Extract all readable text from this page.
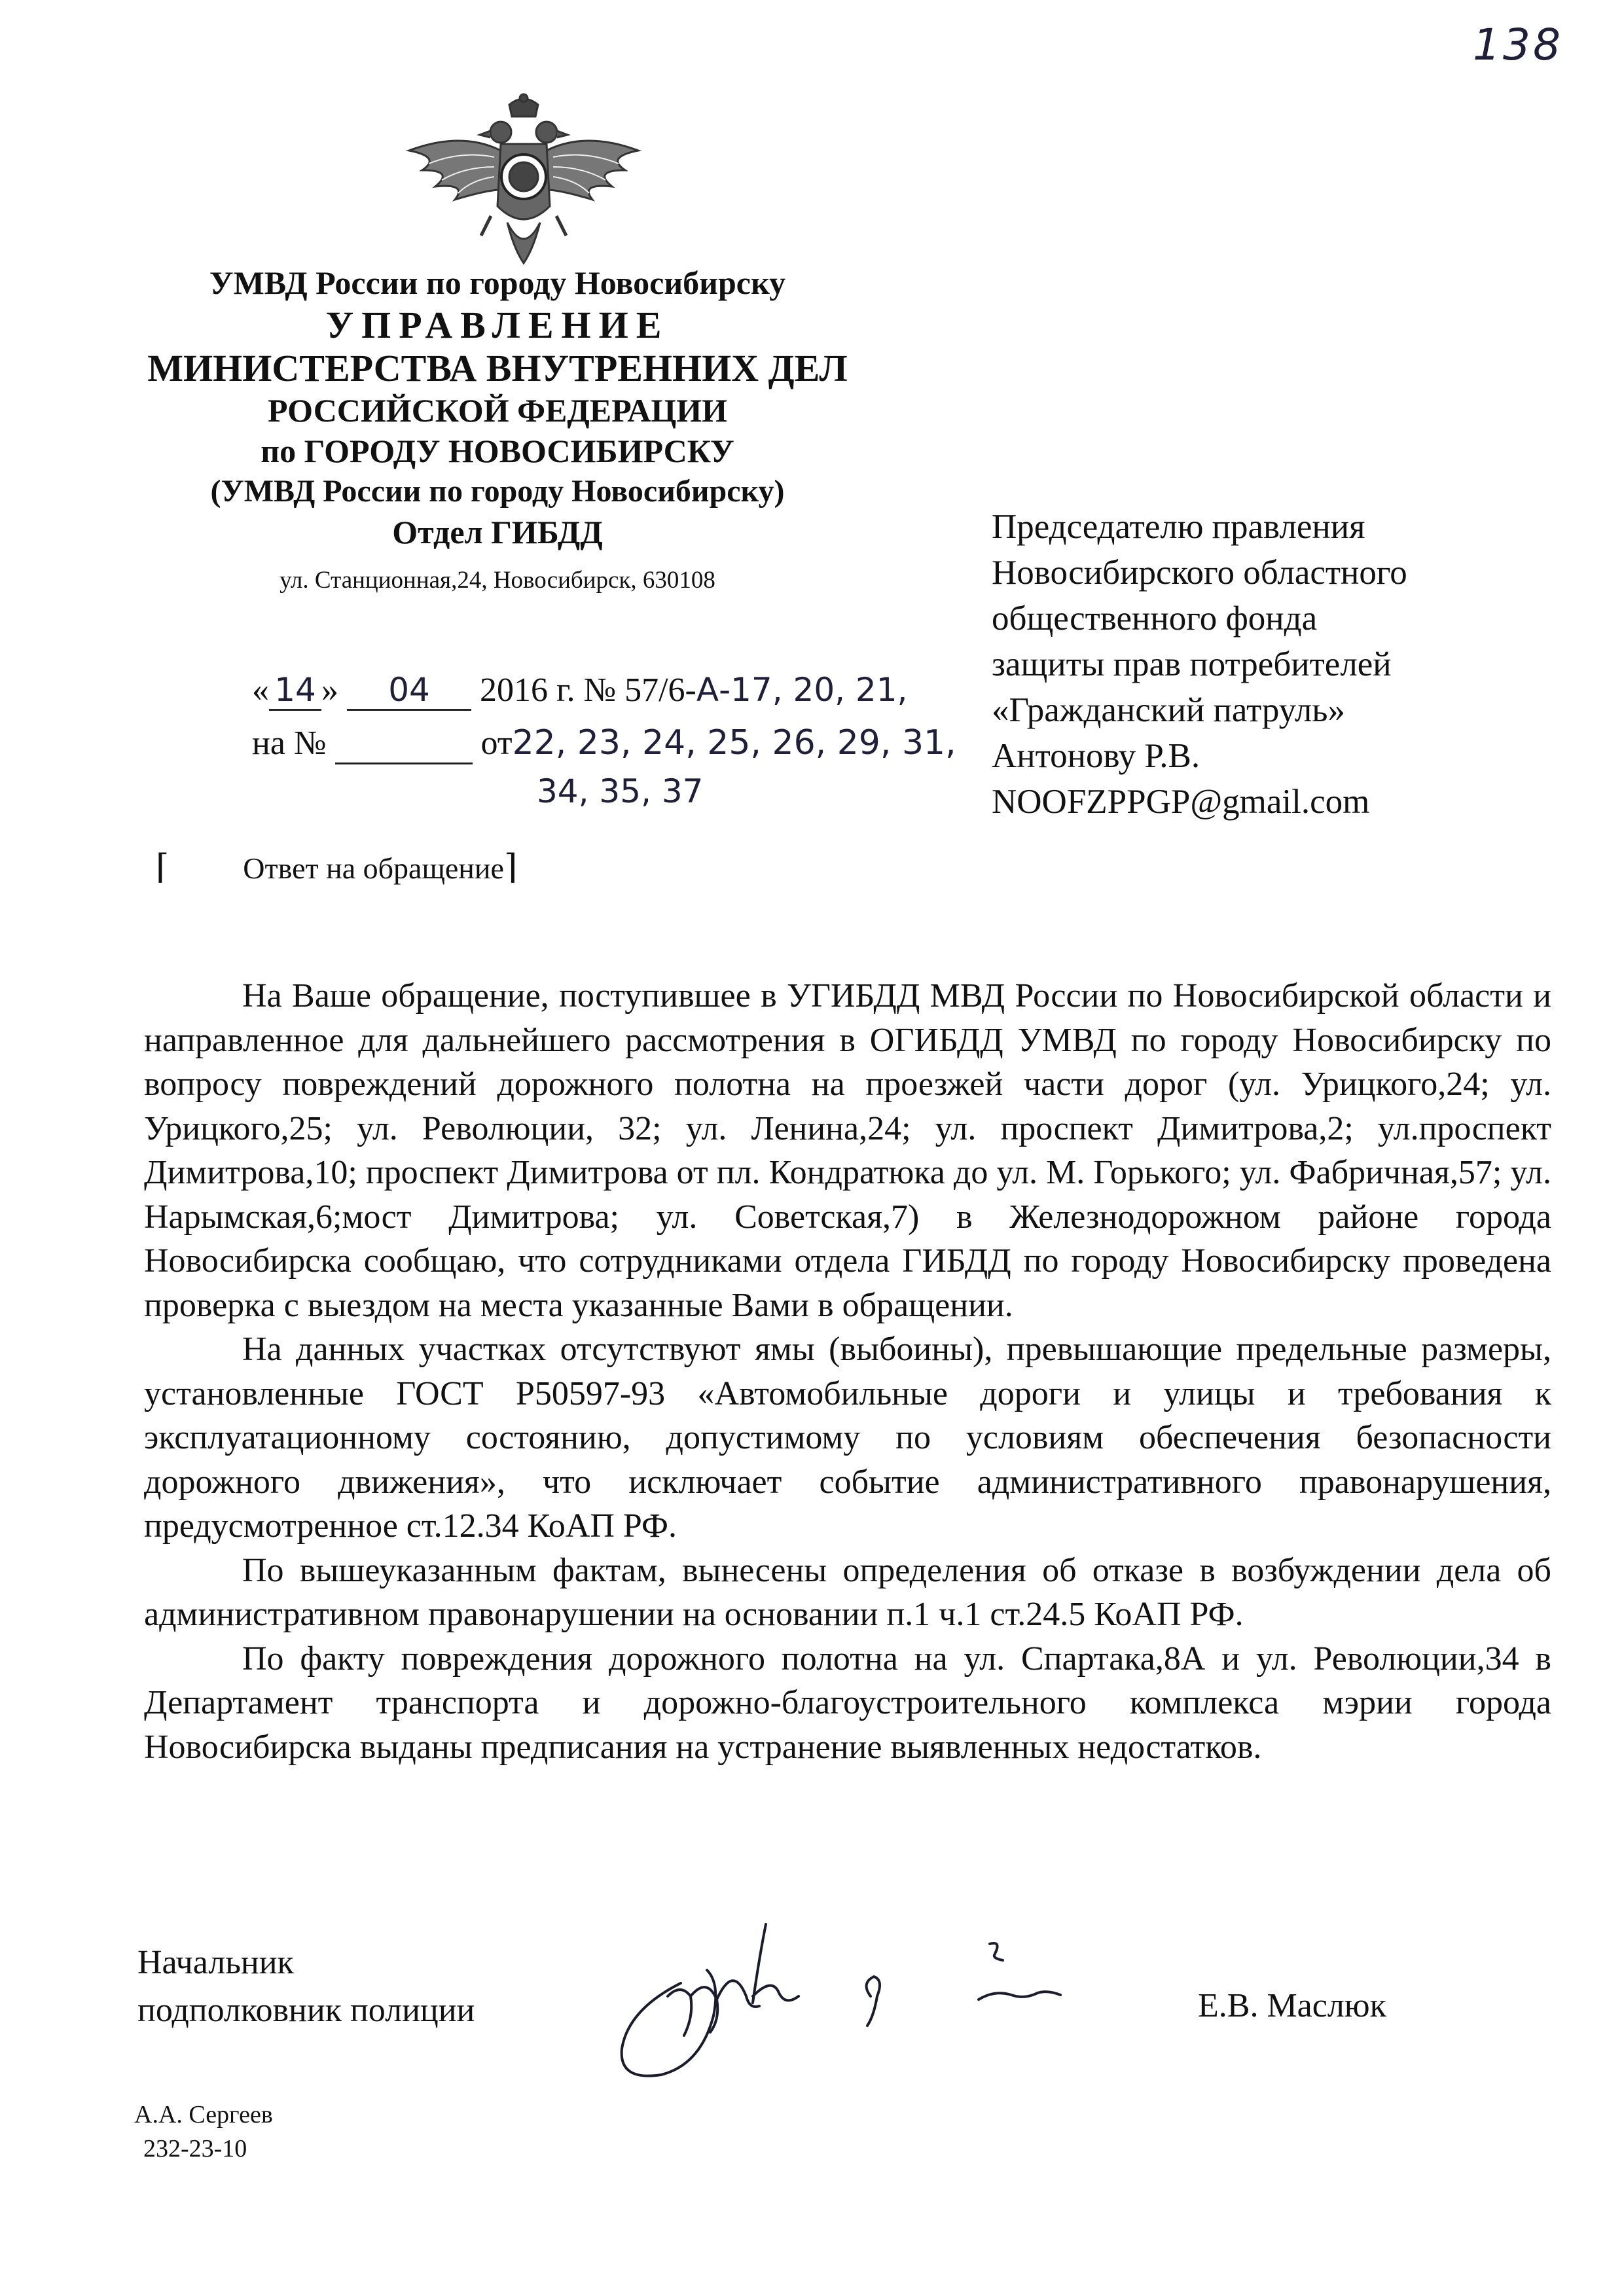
138
УМВД России по городу Новосибирску
УПРАВЛЕНИЕ
МИНИСТЕРСТВА ВНУТРЕННИХ ДЕЛ
РОССИЙСКОЙ ФЕДЕРАЦИИ
по ГОРОДУ НОВОСИБИРСКУ
(УМВД России по городу Новосибирску)
Отдел ГИБДД
ул. Станционная,24, Новосибирск, 630108
Председателю правления
Новосибирского областного
общественного фонда
защиты прав потребителей
«Гражданский патруль»
Антонову Р.В.
NOOFZPPGP@gmail.com
« 14 » 04 2016 г. № 57/6-А-17, 20, 21,
на №	от22, 23, 24, 25, 26, 29, 31,
34, 35, 37
⌈ Ответ на обращение⌉

На Ваше обращение, поступившее в УГИБДД МВД России по Новосибирской области и направленное для дальнейшего рассмотрения в ОГИБДД УМВД по городу Новосибирску по вопросу повреждений дорожного полотна на проезжей части дорог (ул. Урицкого,24; ул. Урицкого,25; ул. Революции, 32; ул. Ленина,24; ул. проспект Димитрова,2; ул.проспект Димитрова,10; проспект Димитрова от пл. Кондратюка до ул. М. Горького; ул. Фабричная,57; ул. Нарымская,6;мост Димитрова; ул. Советская,7) в Железнодорожном районе города Новосибирска сообщаю, что сотрудниками отдела ГИБДД по городу Новосибирску проведена проверка с выездом на места указанные Вами в обращении.

На данных участках отсутствуют ямы (выбоины), превышающие предельные размеры, установленные ГОСТ Р50597-93 «Автомобильные дороги и улицы и требования к эксплуатационному состоянию, допустимому по условиям обеспечения безопасности дорожного движения», что исключает событие административного правонарушения, предусмотренное ст.12.34 КоАП РФ.

По вышеуказанным фактам, вынесены определения об отказе в возбуждении дела об административном правонарушении на основании п.1 ч.1 ст.24.5 КоАП РФ.

По факту повреждения дорожного полотна на ул. Спартака,8А и ул. Революции,34 в Департамент транспорта и дорожно-благоустроительного комплекса мэрии города Новосибирска выданы предписания на устранение выявленных недостатков.

Начальник
подполковник полиции	Е.В. Маслюк
А.А. Сергеев
232-23-10
